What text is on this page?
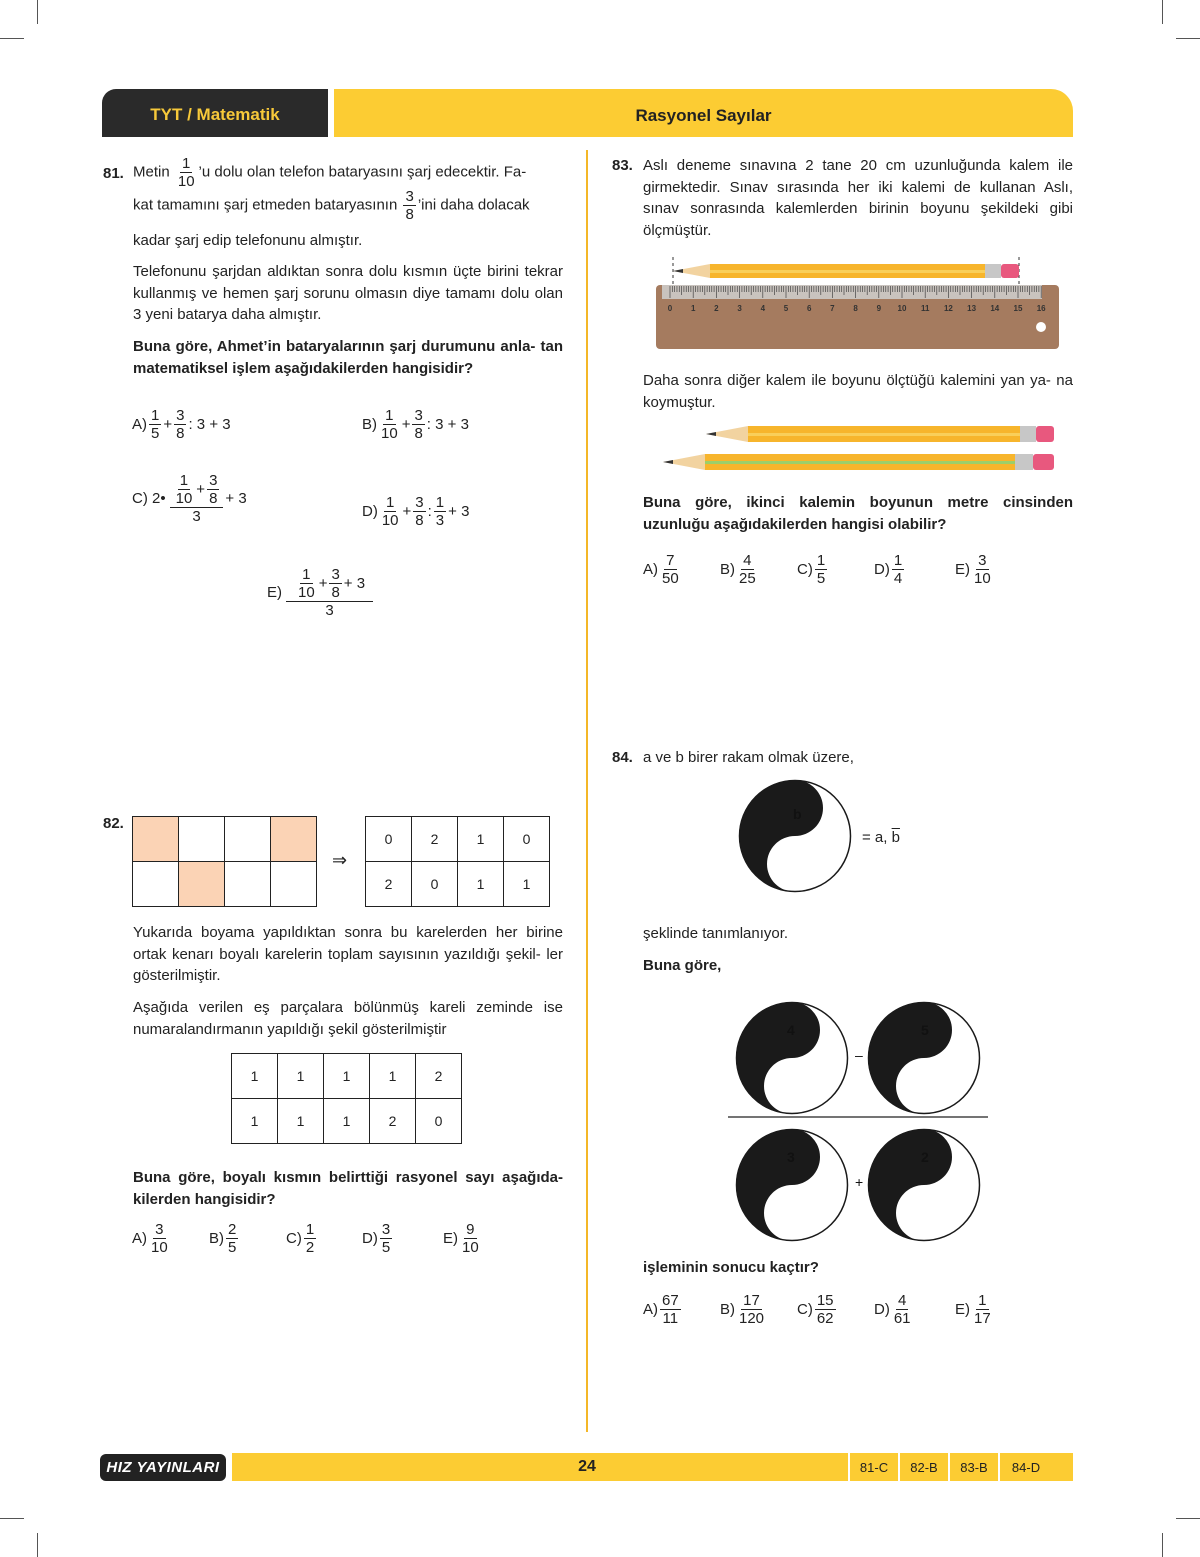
TYT / Matematik	Rasyonel Sayılar
81. Metin $\frac{1}{10}$ ’u dolu olan telefon bataryasını şarj edecektir. Fa-
kat tamamını şarj etmeden bataryasının $\frac{3}{8}$ ’ini daha dolacak
kadar şarj edip telefonunu almıştır.
Telefonunu şarjdan aldıktan sonra dolu kısmın üçte birini tekrar kullanmış ve hemen şarj sorunu olmasın diye tamamı dolu olan 3 yeni batarya daha almıştır.
Buna göre, Ahmet’in bataryalarının şarj durumunu anla- tan matematiksel işlem aşağıdakilerden hangisidir?
$A) \frac{1}{5} + \frac{3}{8}$ :
3
+ 3	$B) \frac{1}{10} + \frac{3}{8}$ :
3
+ 3
C)
2 • $\frac{\frac{1}{10} + \frac{3}{8}}{3} + 3$
$D) \frac{1}{10} + \frac{3}{8}$ : $\frac{1}{3} + 3$
$E) \frac{\frac{1}{10} + \frac{3}{8} + 3}{3}$
82.

⇒
0	2	1	0
2	0	1	1
Yukarıda boyama yapıldıktan sonra bu karelerden her birine ortak kenarı boyalı karelerin toplam sayısının yazıldığı şekil- ler gösterilmiştir.
Aşağıda verilen eş parçalara bölünmüş kareli zeminde ise numaralandırmanın yapıldığı şekil gösterilmiştir
1	1	1	1	2
1	1	1	2	0
Buna göre, boyalı kısmın belirttiği rasyonel sayı aşağıda- kilerden hangisidir?
$A) \frac{3}{10}$	$B) \frac{2}{5}$	$C) \frac{1}{2}$	$D) \frac{3}{5}$	$E) \frac{9}{10}$
83. Aslı deneme sınavına 2 tane 20 cm uzunluğunda kalem ile girmektedir. Sınav sırasında her iki kalemi de kullanan Aslı, sınav sonrasında kalemlerden birinin boyunu şekildeki gibi ölçmüştür.
0 1 2 3 4 5 6 7 8 9 10 11 12 13 14 15 16
Daha sonra diğer kalem ile boyunu ölçtüğü kalemini yan ya- na koymuştur.
Buna göre, ikinci kalemin boyunun metre cinsinden uzunluğu aşağıdakilerden hangisi olabilir?
$A) \frac{7}{50}$	$B) \frac{4}{25}$	$C) \frac{1}{5}$	$D) \frac{1}{4}$	$E) \frac{3}{10}$
84. a ve b birer rakam olmak üzere,
b
a
= a, $\overline{b}$
şeklinde tanımlanıyor.
Buna göre,
4
2
5
1
3
6
2
7
–
+
işleminin sonucu kaçtır?
$A) \frac{67}{11}$	$B) \frac{17}{120} C) \frac{15}{62}$	$D) \frac{4}{61}$	$E) \frac{1}{17}$
HIZ YAYINLARI	24	81-C	82-B	83-B	84-D
